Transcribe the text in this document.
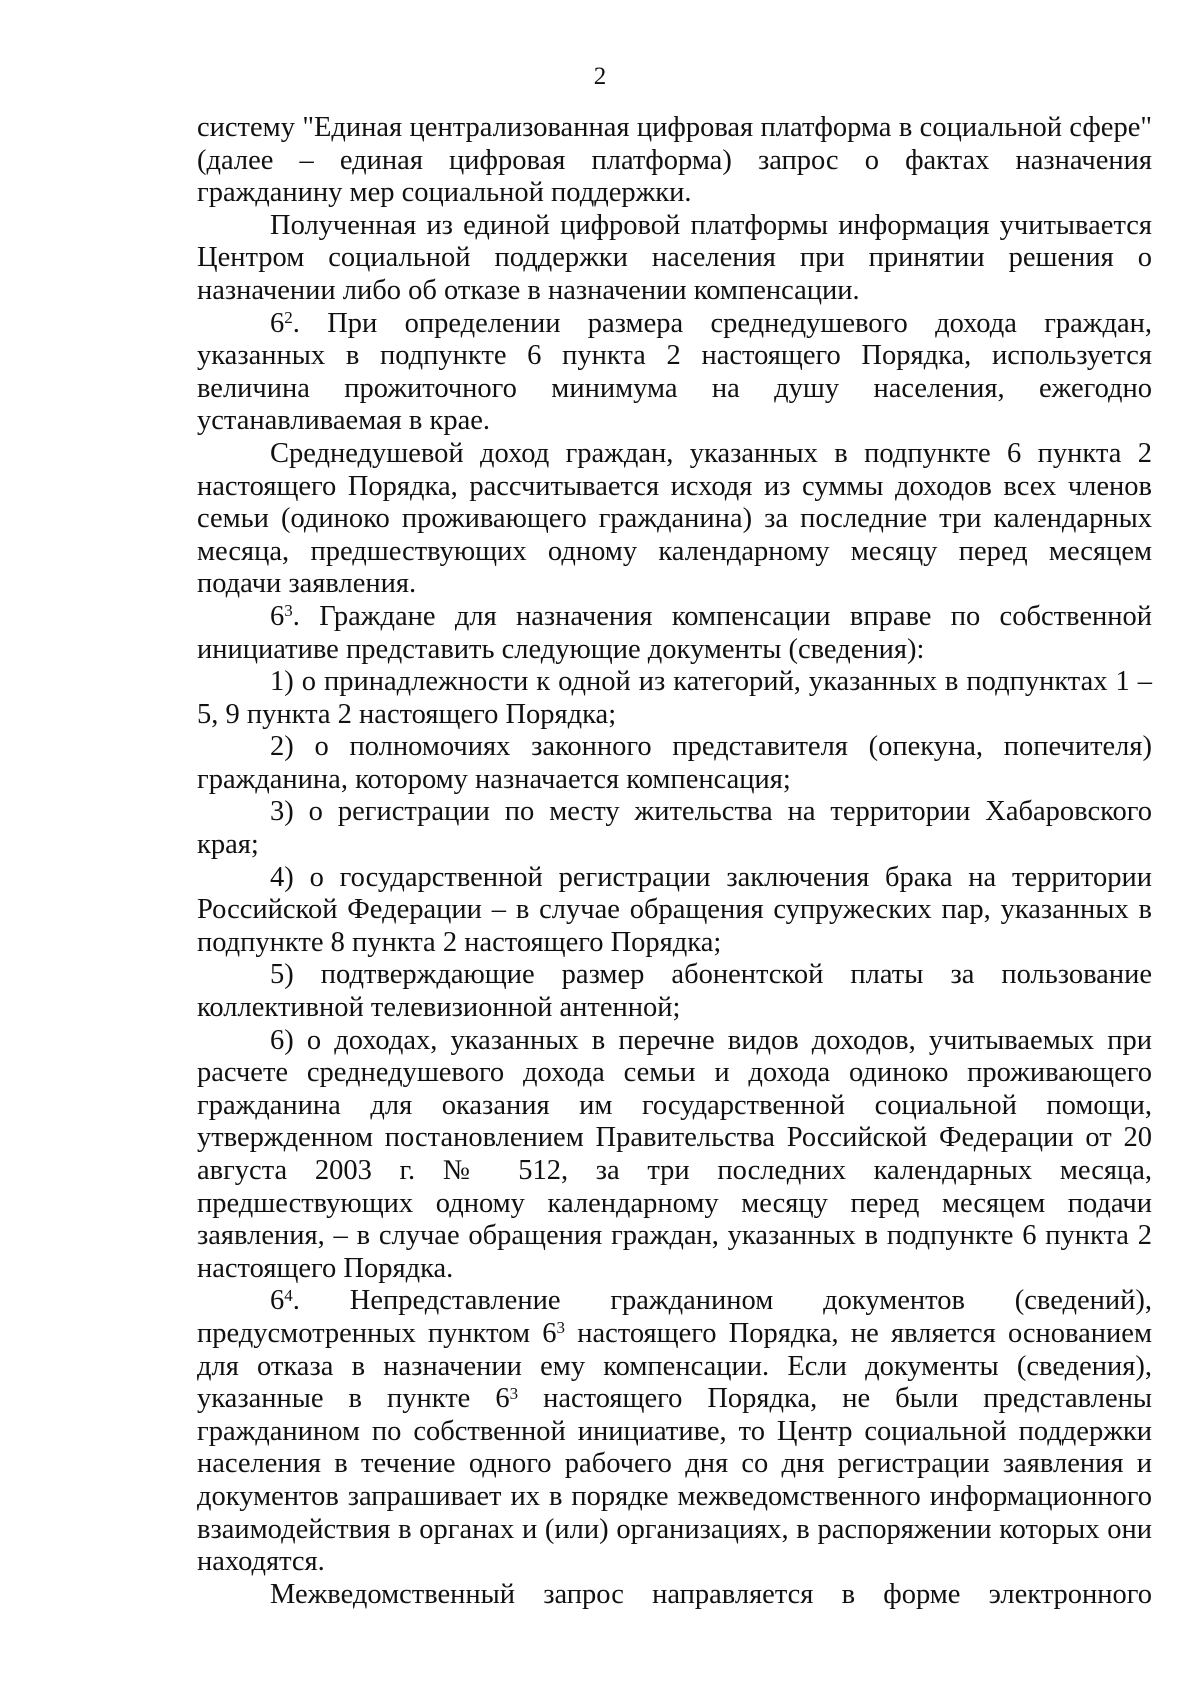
2

системy "Единая централизованная цифровая платформа в социальной сфере" (далее – единая цифровая платформа) запрос о фактах назначения гражданину мер социальной поддержки.

Полученная из единой цифровой платформы информация учитывается Центром социальной поддержки населения при принятии решения о назначении либо об отказе в назначении компенсации.

$6^2$. При определении размера среднедушевого дохода граждан, указанных в подпункте 6 пункта 2 настоящего Порядка, используется величина прожиточного минимума на душу населения, ежегодно устанавливаемая в крае.

Среднедушевой доход граждан, указанных в подпункте 6 пункта 2 настоящего Порядка, рассчитывается исходя из суммы доходов всех членов семьи (одиноко проживающего гражданина) за последние три календарных месяца, предшествующих одному календарному месяцу перед месяцем подачи заявления.

$6^3$. Граждане для назначения компенсации вправе по собственной инициативе представить следующие документы (сведения):

1) о принадлежности к одной из категорий, указанных в подпунктах 1 – 5, 9 пункта 2 настоящего Порядка;

2) о полномочиях законного представителя (опекуна, попечителя) гражданина, которому назначается компенсация;

3) о регистрации по месту жительства на территории Хабаровского края;

4) о государственной регистрации заключения брака на территории Российской Федерации – в случае обращения супружеских пар, указанных в подпункте 8 пункта 2 настоящего Порядка;

5) подтверждающие размер абонентской платы за пользование коллективной телевизионной антенной;

6) о доходах, указанных в перечне видов доходов, учитываемых при расчете среднедушевого дохода семьи и дохода одиноко проживающего гражданина для оказания им государственной социальной помощи, утвержденном постановлением Правительства Российской Федерации от 20 августа 2003 г. № 512, за три последних календарных месяца, предшествующих одному календарному месяцу перед месяцем подачи заявления, – в случае обращения граждан, указанных в подпункте 6 пункта 2 настоящего Порядка.

$6^4$. Непредставление гражданином документов (сведений), предусмотренных пунктом $6^3$ настоящего Порядка, не является основанием для отказа в назначении ему компенсации. Если документы (сведения), указанные в пункте $6^3$ настоящего Порядка, не были представлены гражданином по собственной инициативе, то Центр социальной поддержки населения в течение одного рабочего дня со дня регистрации заявления и документов запрашивает их в порядке межведомственного информационного взаимодействия в органах и (или) организациях, в распоряжении которых они находятся.

Межведомственный запрос направляется в форме электронного
